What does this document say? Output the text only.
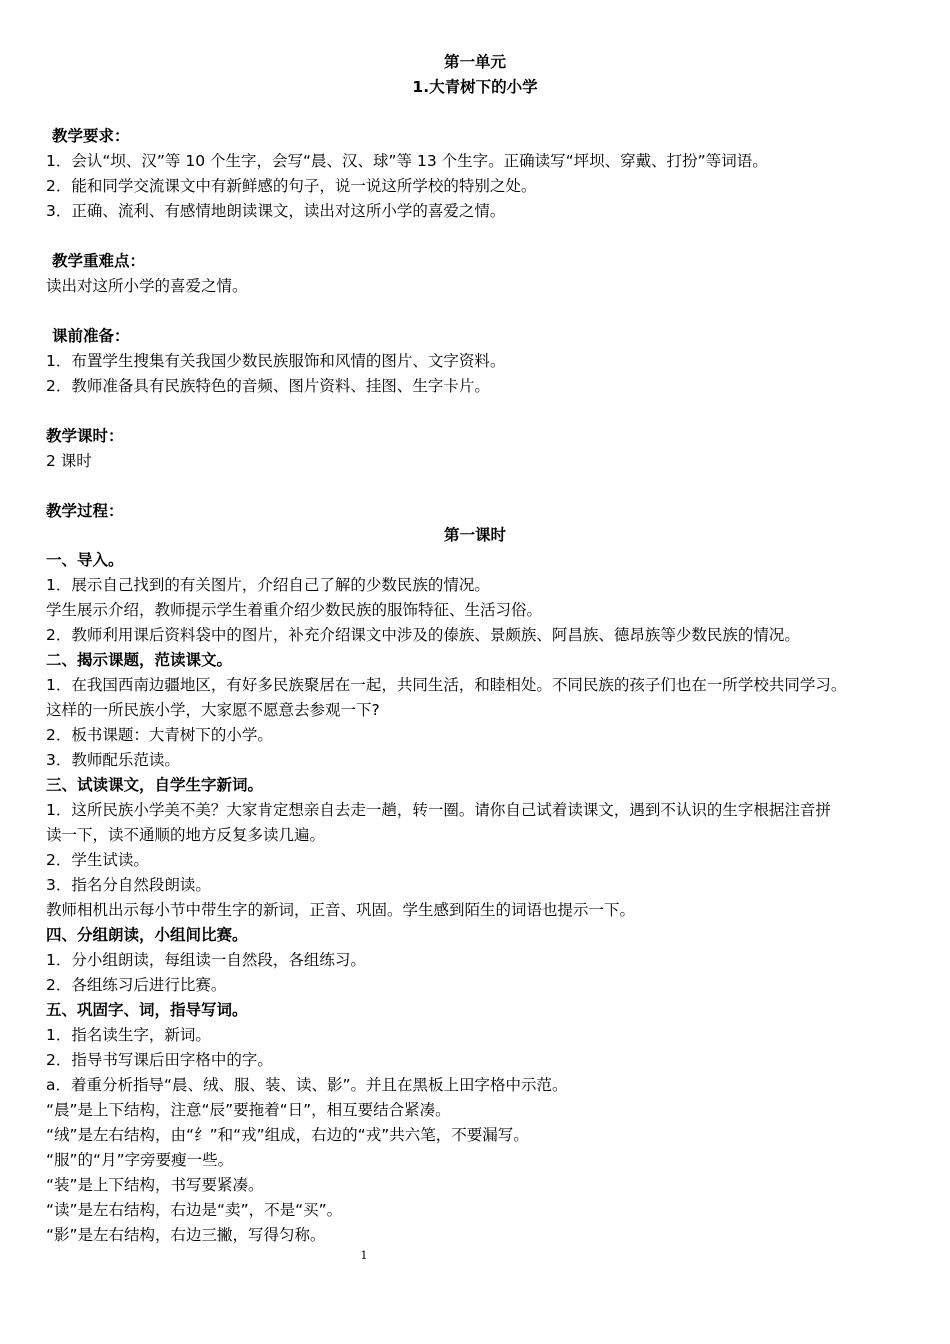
第一单元
1.大青树下的小学
教学要求：
1．会认“坝、汉”等 10 个生字，会写“晨、汉、球”等 13 个生字。正确读写“坪坝、穿戴、打扮”等词语。
2．能和同学交流课文中有新鲜感的句子，说一说这所学校的特别之处。
3．正确、流利、有感情地朗读课文，读出对这所小学的喜爱之情。
教学重难点：
读出对这所小学的喜爱之情。
课前准备：
1．布置学生搜集有关我国少数民族服饰和风情的图片、文字资料。
2．教师准备具有民族特色的音频、图片资料、挂图、生字卡片。
教学课时：
2 课时
教学过程：
第一课时
一、导入。
1．展示自己找到的有关图片，介绍自己了解的少数民族的情况。
学生展示介绍，教师提示学生着重介绍少数民族的服饰特征、生活习俗。
2．教师利用课后资料袋中的图片，补充介绍课文中涉及的傣族、景颇族、阿昌族、德昂族等少数民族的情况。
二、揭示课题，范读课文。
1．在我国西南边疆地区，有好多民族聚居在一起，共同生活，和睦相处。不同民族的孩子们也在一所学校共同学习。
这样的一所民族小学，大家愿不愿意去参观一下?
2．板书课题：大青树下的小学。
3．教师配乐范读。
三、试读课文，自学生字新词。
1．这所民族小学美不美？大家肯定想亲自去走一趟，转一圈。请你自己试着读课文，遇到不认识的生字根据注音拼
读一下，读不通顺的地方反复多读几遍。
2．学生试读。
3．指名分自然段朗读。
教师相机出示每小节中带生字的新词，正音、巩固。学生感到陌生的词语也提示一下。
四、分组朗读，小组间比赛。
1．分小组朗读，每组读一自然段，各组练习。
2．各组练习后进行比赛。
五、巩固字、词，指导写词。
1．指名读生字，新词。
2．指导书写课后田字格中的字。
a．着重分析指导“晨、绒、服、装、读、影”。并且在黑板上田字格中示范。
“晨”是上下结构，注意“辰”要拖着“日”，相互要结合紧凑。
“绒”是左右结构，由“纟”和“戎”组成，右边的“戎”共六笔，不要漏写。
“服”的“月”字旁要瘦一些。
“装”是上下结构，书写要紧凑。
“读”是左右结构，右边是“卖”，不是“买”。
“影”是左右结构，右边三撇，写得匀称。
1
